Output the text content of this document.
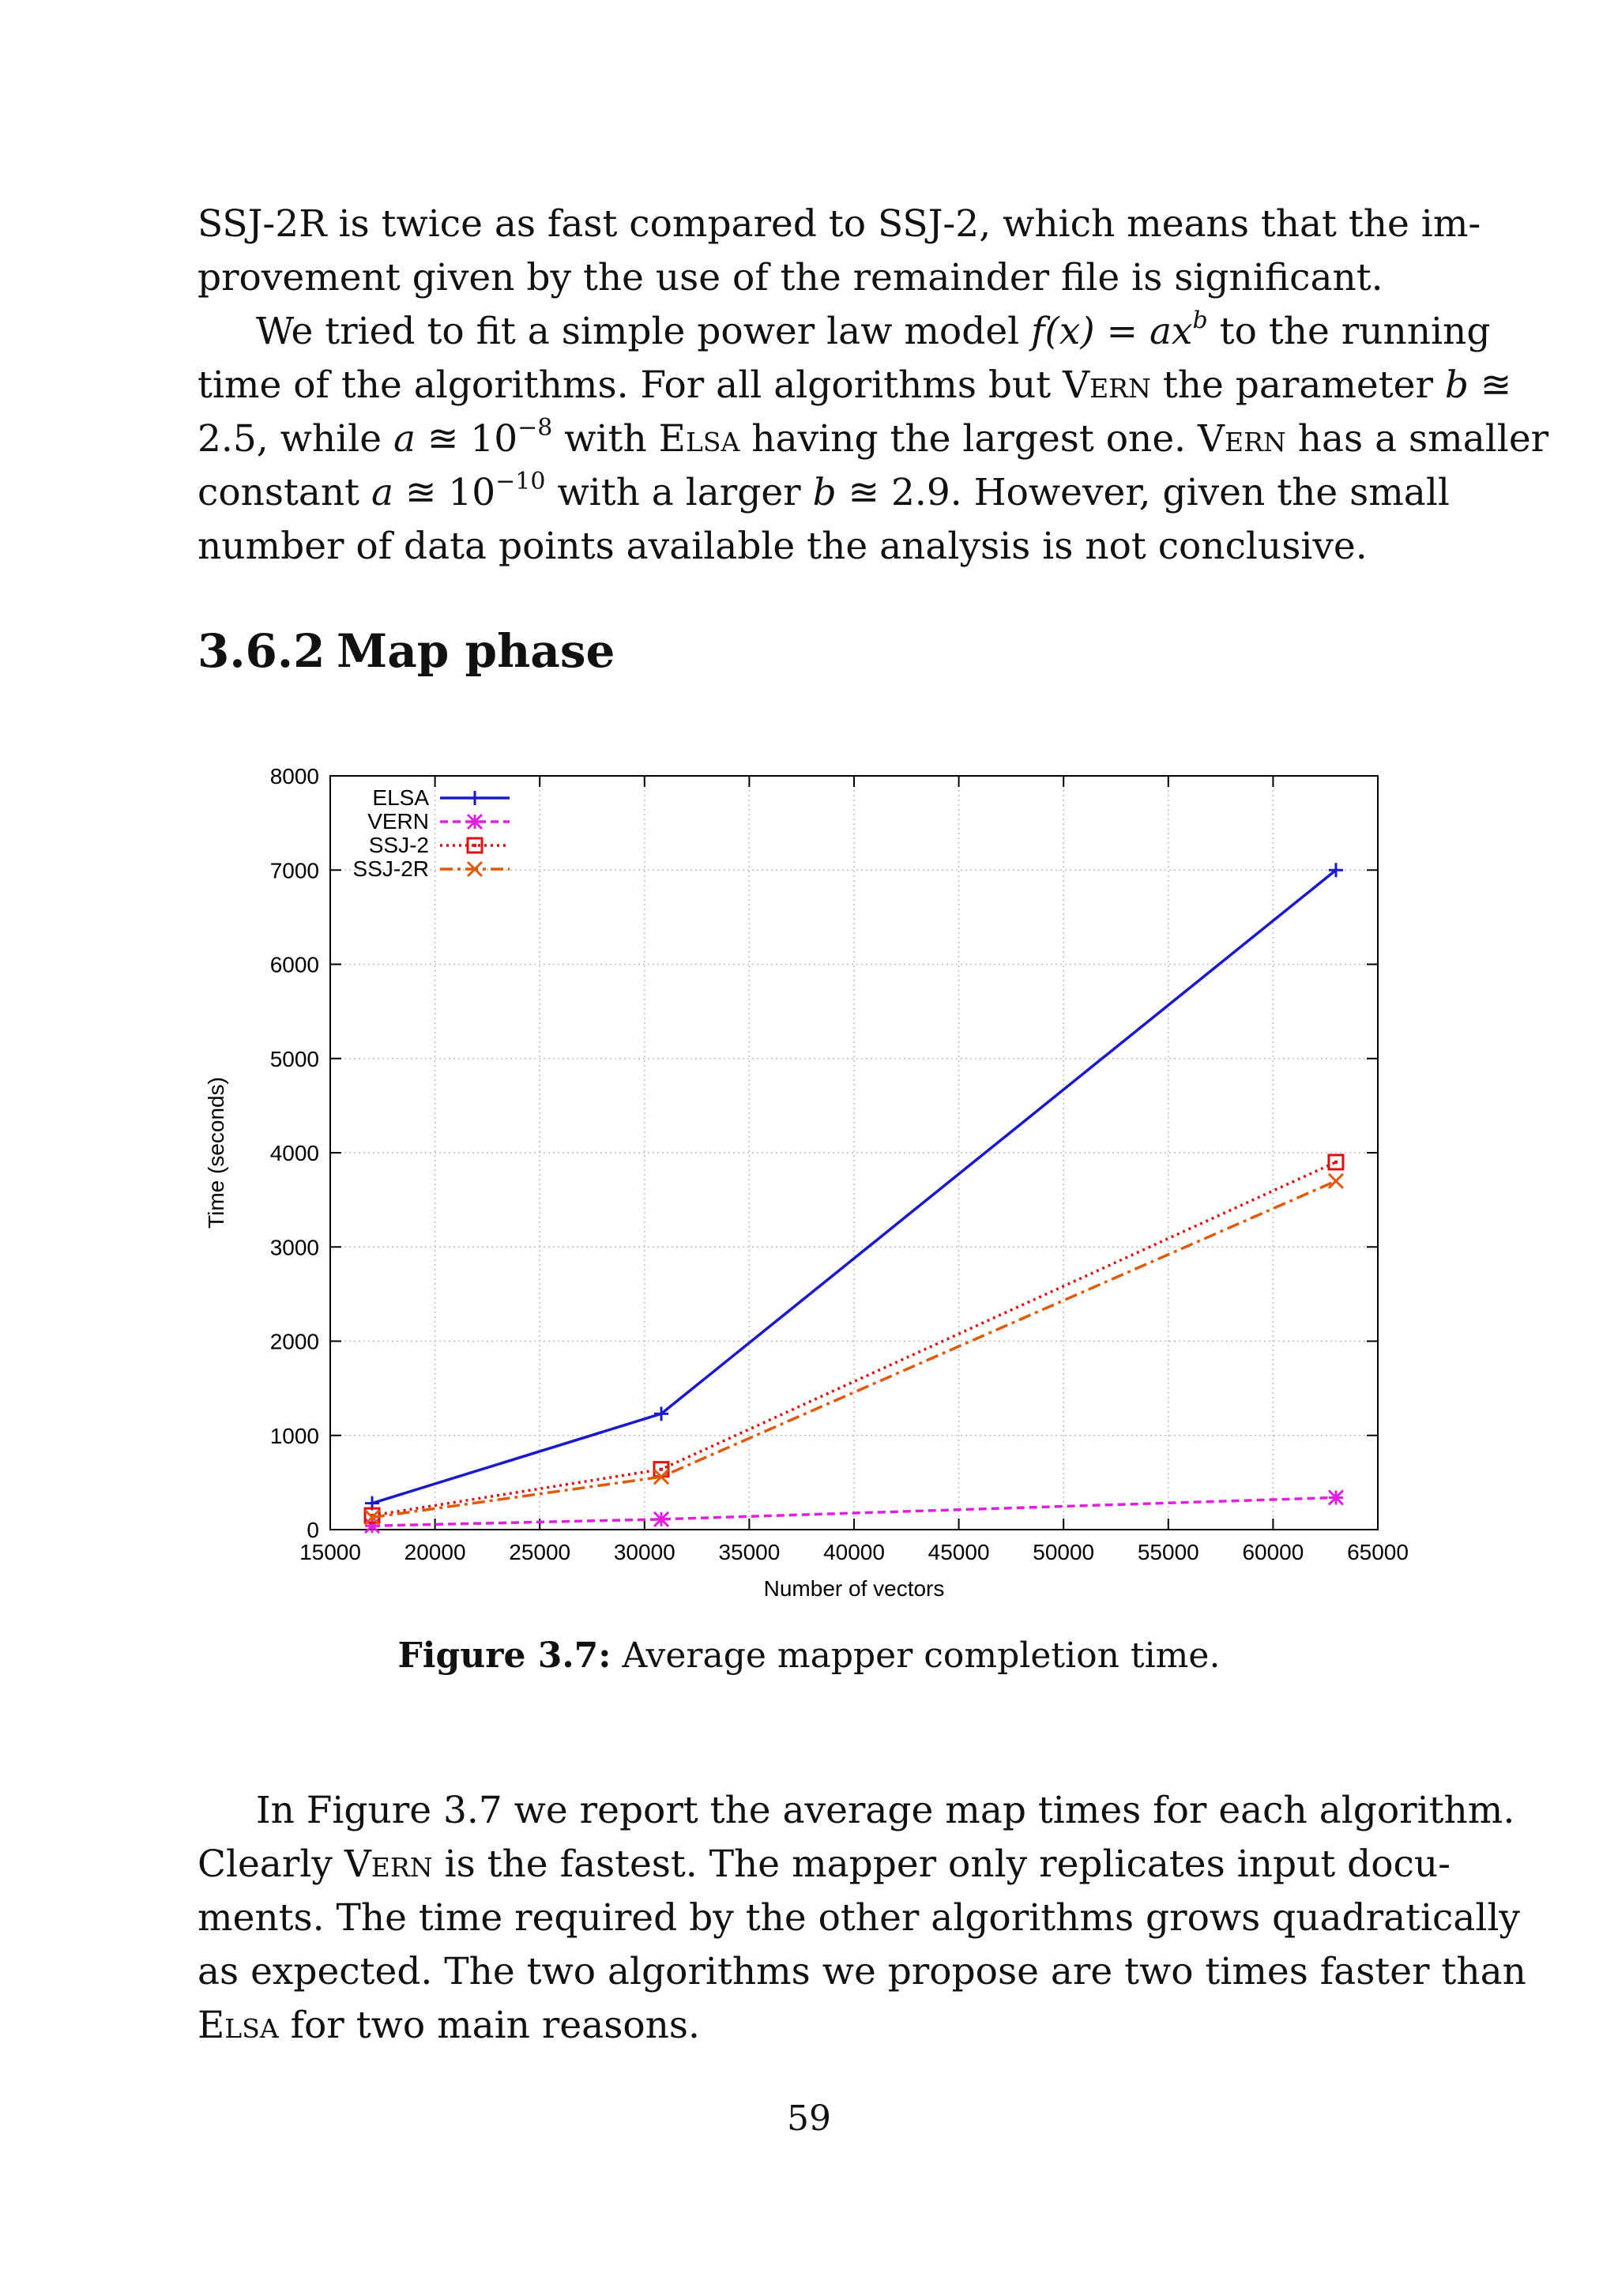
SSJ-2R is twice as fast compared to SSJ-2, which means that the im-
provement given by the use of the remainder file is significant.
We tried to fit a simple power law model $f(x) = ax^b$ to the running
time of the algorithms. For all algorithms but Vern the parameter b ≊
2.5, while a ≊ $10^{-8}$ with Elsa having the largest one. Vern has a smaller
constant a ≊ $10^{-10}$ with a larger b ≊ 2.9. However, given the small
number of data points available the analysis is not conclusive.
3.6.2 Map phase
15000 20000 25000 30000 35000 40000 45000 50000 55000 60000 65000
0
1000
2000
3000
4000
5000
6000
7000
8000
Number of vectors
Time (seconds)
ELSA
VERN
SSJ-2
SSJ-2R
Figure 3.7: Average mapper completion time.
In Figure 3.7 we report the average map times for each algorithm.
Clearly Vern is the fastest. The mapper only replicates input docu-
ments. The time required by the other algorithms grows quadratically
as expected. The two algorithms we propose are two times faster than
Elsa for two main reasons.
59
